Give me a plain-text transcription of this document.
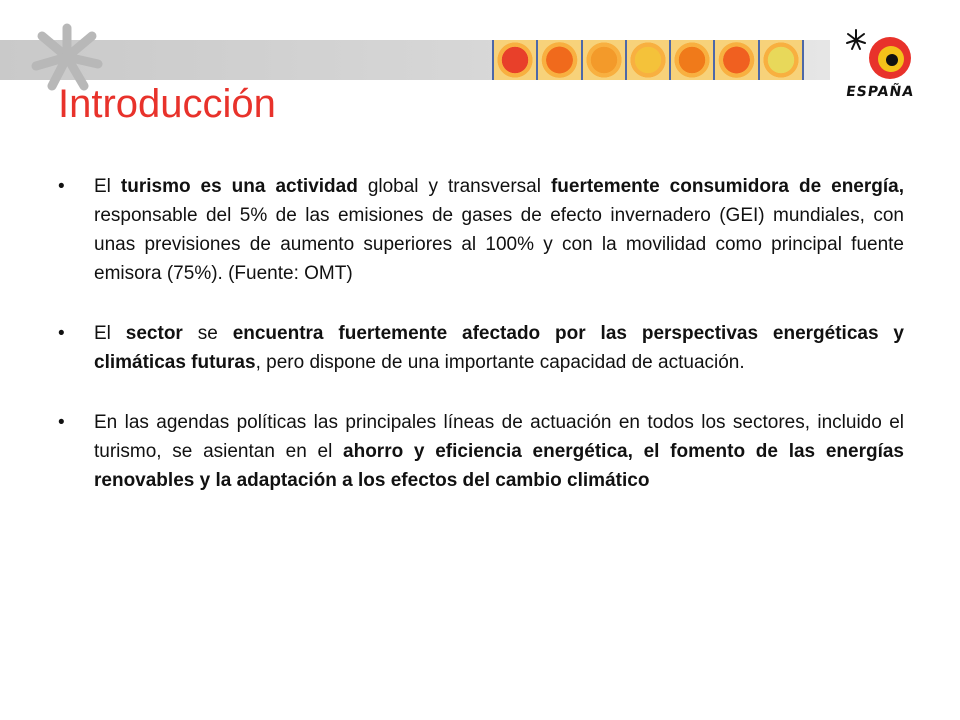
ESPAÑA
Introducción
• El turismo es una actividad global y transversal fuertemente consumidora de energía, responsable del 5% de las emisiones de gases de efecto invernadero (GEI) mundiales, con unas previsiones de aumento superiores al 100% y con la movilidad como principal fuente emisora (75%). (Fuente: OMT)
• El sector se encuentra fuertemente afectado por las perspectivas energéticas y climáticas futuras, pero dispone de una importante capacidad de actuación.
• En las agendas políticas las principales líneas de actuación en todos los sectores, incluido el turismo, se asientan en el ahorro y eficiencia energética, el fomento de las energías renovables y la adaptación a los efectos del cambio climático
